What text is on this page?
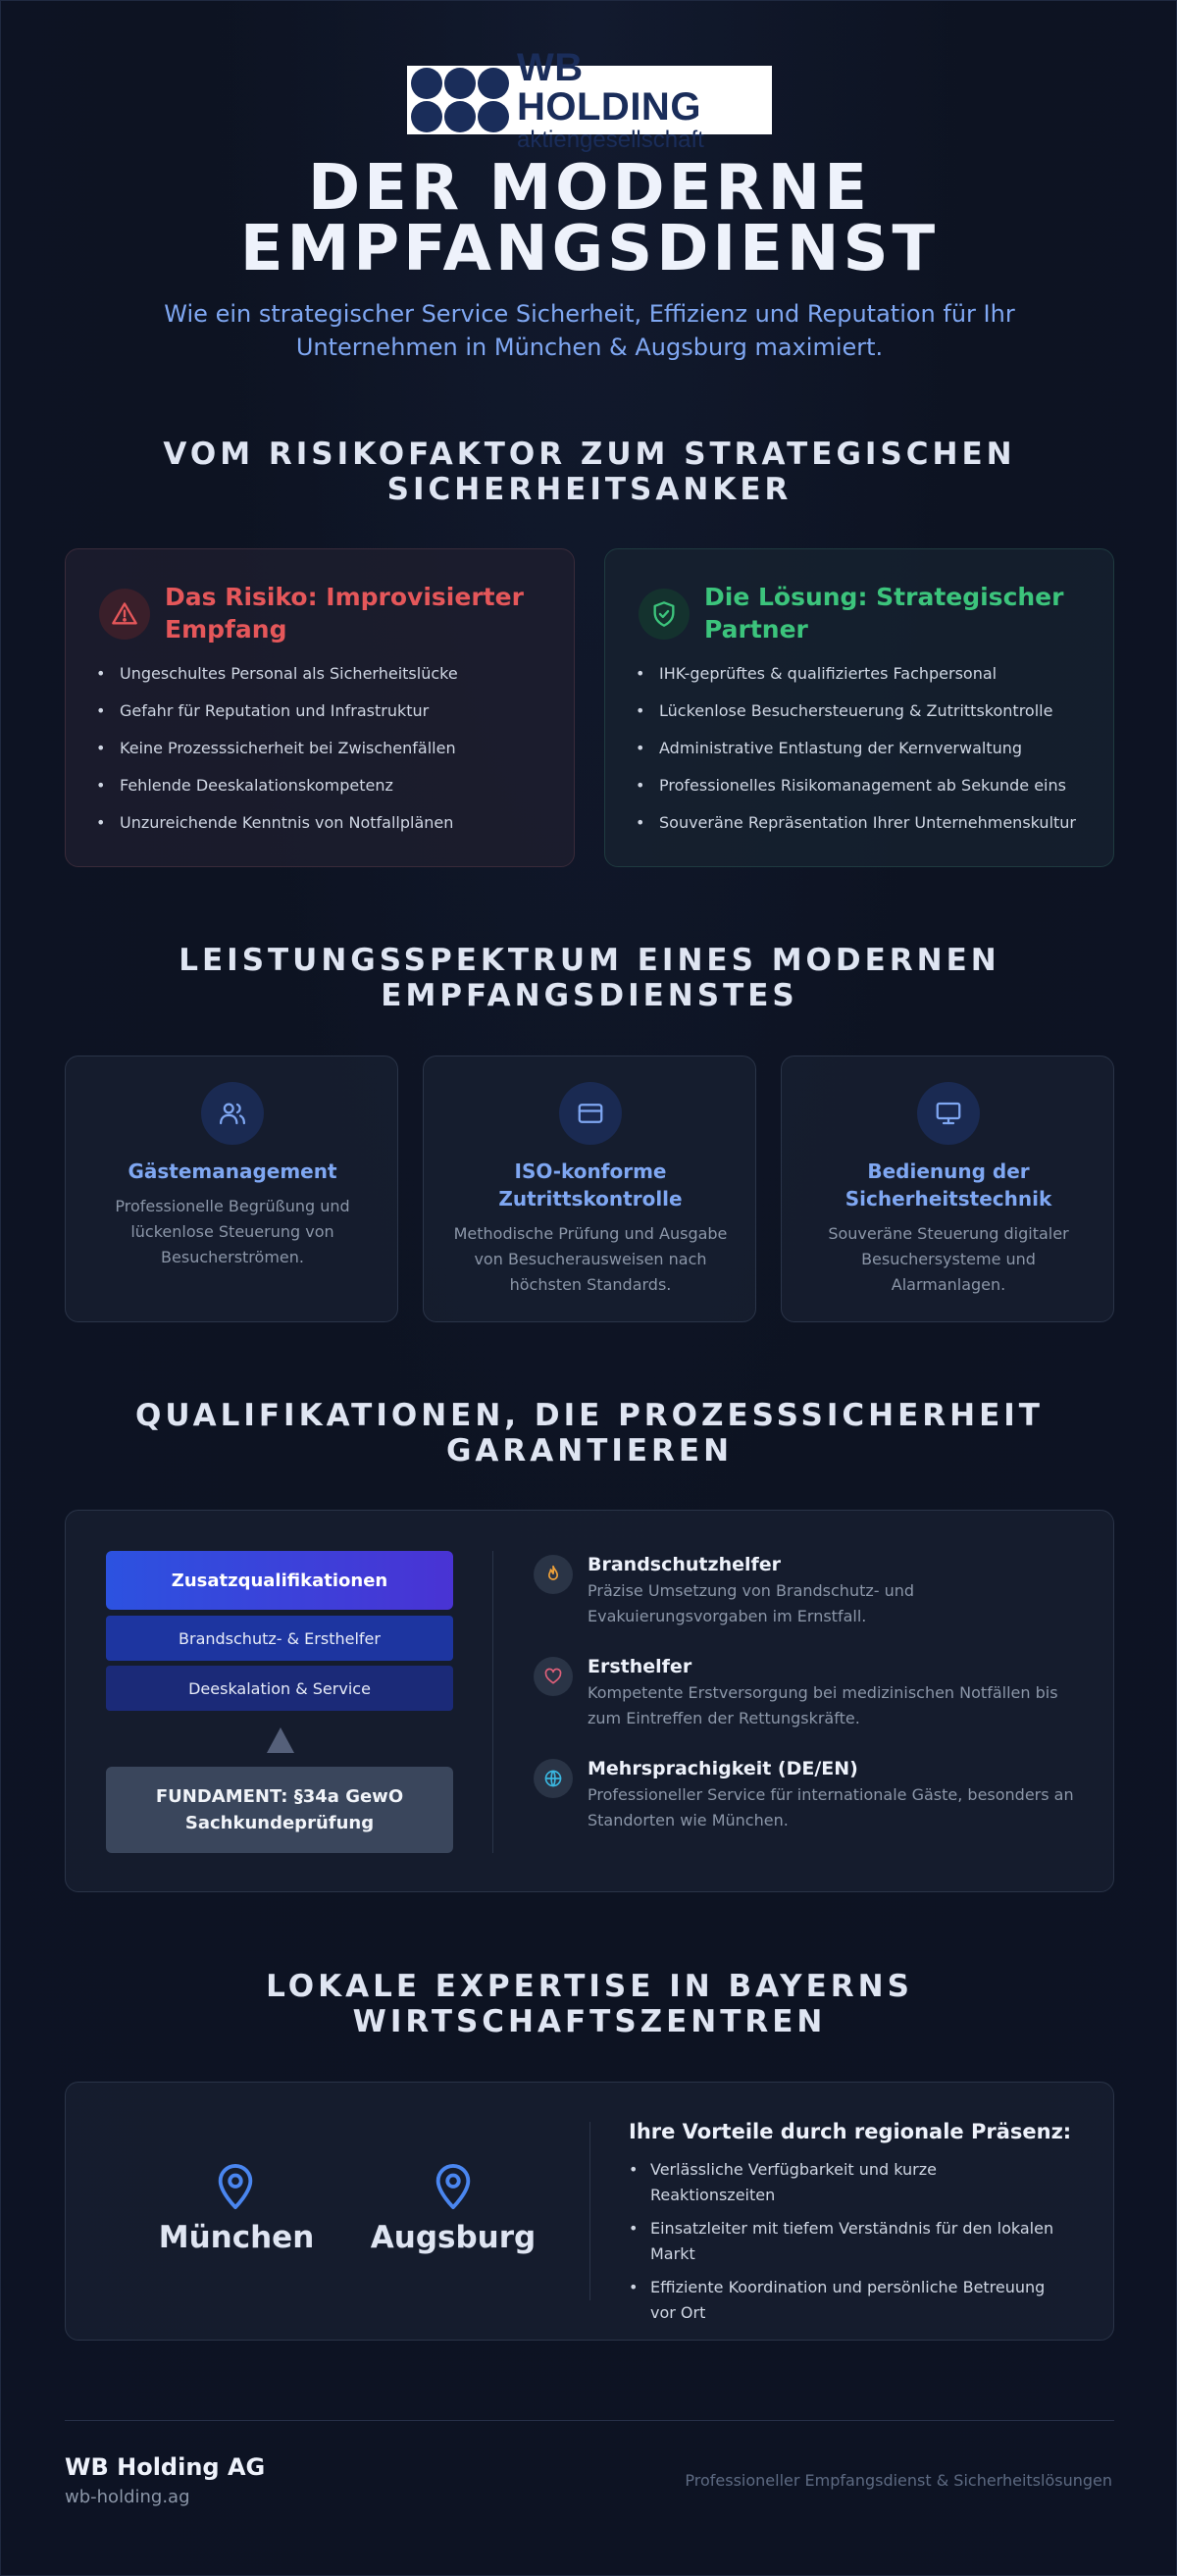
WB HOLDING
aktiengesellschaft
DER MODERNE
EMPFANGSDIENST

Wie ein strategischer Service Sicherheit, Effizienz und Reputation für Ihr Unternehmen in München & Augsburg maximiert.

VOM RISIKOFAKTOR ZUM STRATEGISCHEN SICHERHEITSANKER
Das Risiko: Improvisierter Empfang
• Ungeschultes Personal als Sicherheitslücke
• Gefahr für Reputation und Infrastruktur
• Keine Prozesssicherheit bei Zwischenfällen
• Fehlende Deeskalationskompetenz
• Unzureichende Kenntnis von Notfallplänen
Die Lösung: Strategischer Partner
• IHK-geprüftes & qualifiziertes Fachpersonal
• Lückenlose Besuchersteuerung & Zutrittskontrolle
• Administrative Entlastung der Kernverwaltung
• Professionelles Risikomanagement ab Sekunde eins
• Souveräne Repräsentation Ihrer Unternehmenskultur
LEISTUNGSSPEKTRUM EINES MODERNEN EMPFANGSDIENSTES
Gästemanagement
Professionelle Begrüßung und lückenlose Steuerung von Besucherströmen.
ISO-konforme Zutrittskontrolle
Methodische Prüfung und Ausgabe von Besucherausweisen nach höchsten Standards.
Bedienung der Sicherheitstechnik
Souveräne Steuerung digitaler Besuchersysteme und Alarmanlagen.
QUALIFIKATIONEN, DIE PROZESSSICHERHEIT GARANTIEREN
Zusatzqualifikationen
Brandschutz- & Ersthelfer
Deeskalation & Service
FUNDAMENT: §34a GewO Sachkundeprüfung
Brandschutzhelfer
Präzise Umsetzung von Brandschutz- und Evakuierungsvorgaben im Ernstfall.
Ersthelfer
Kompetente Erstversorgung bei medizinischen Notfällen bis zum Eintreffen der Rettungskräfte.
Mehrsprachigkeit (DE/EN)
Professioneller Service für internationale Gäste, besonders an Standorten wie München.
LOKALE EXPERTISE IN BAYERNS WIRTSCHAFTSZENTREN
München	Augsburg
Ihre Vorteile durch regionale Präsenz:
• Verlässliche Verfügbarkeit und kurze Reaktionszeiten
• Einsatzleiter mit tiefem Verständnis für den lokalen Markt
• Effiziente Koordination und persönliche Betreuung vor Ort
WB Holding AG
wb-holding.ag
Professioneller Empfangsdienst & Sicherheitslösungen
